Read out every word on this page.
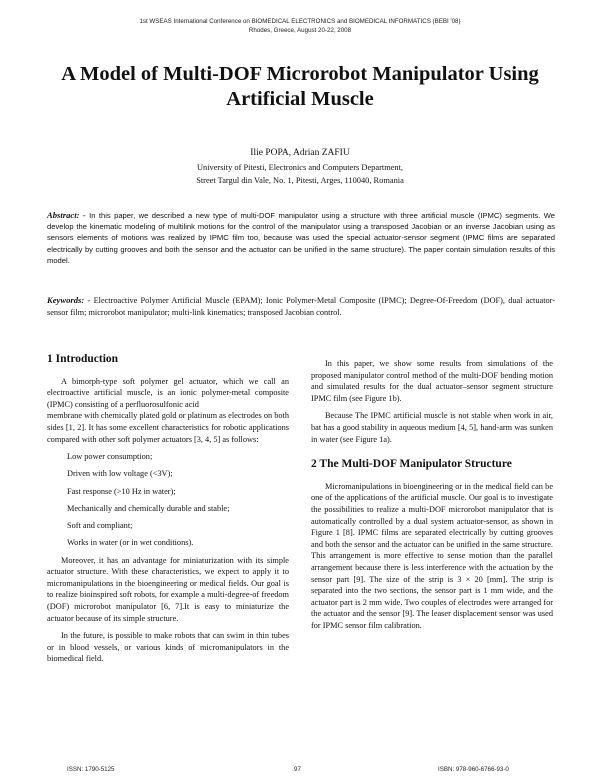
1st WSEAS International Conference on BIOMEDICAL ELECTRONICS and BIOMEDICAL INFORMATICS (BEBI '08)
Rhodes, Greece, August 20-22, 2008
A Model of Multi-DOF Microrobot Manipulator Using Artificial Muscle
Ilie POPA, Adrian ZAFIU
University of Pitesti, Electronics and Computers Department,
Street Targul din Vale, No. 1, Pitesti, Arges, 110040, Romania
Abstract: - In this paper, we described a new type of multi-DOF manipulator using a structure with three artificial muscle (IPMC) segments. We develop the kinematic modeling of multilink motions for the control of the manipulator using a transposed Jacobian or an inverse Jacobian using as sensors elements of motions was realized by IPMC film too, because was used the special actuator-sensor segment (IPMC films are separated electrically by cutting grooves and both the sensor and the actuator can be unified in the same structure). The paper contain simulation results of this model.
Keywords: - Electroactive Polymer Artificial Muscle (EPAM); Ionic Polymer-Metal Composite (IPMC); Degree-Of-Freedom (DOF), dual actuator-sensor film; microrobot manipulator; multi-link kinematics; transposed Jacobian control.
1 Introduction

A bimorph-type soft polymer gel actuator, which we call an electroactive artificial muscle, is an ionic polymer-metal composite (IPMC) consisting of a perfluorosulfonic acid

membrane with chemically plated gold or platinum as electrodes on both sides [1, 2]. It has some excellent characteristics for robotic applications compared with other soft polymer actuators [3, 4, 5] as follows:

Low power consumption;
Driven with low voltage (<3V);
Fast response (>10 Hz in water);
Mechanically and chemically durable and stable;
Soft and compliant;
Works in water (or in wet conditions).

Moreover, it has an advantage for miniaturization with its simple actuator structure. With these characteristics, we expect to apply it to micromanipulations in the bioengineering or medical fields. Our goal is to realize bioinspired soft robots, for example a multi-degree-of freedom (DOF) microrobot manipulator [6, 7].It is easy to miniaturize the actuator because of its simple structure.

In the future, is possible to make robots that can swim in thin tubes or in blood vessels, or various kinds of micromanipulators in the biomedical field.

In this paper, we show some results from simulations of the proposed manipulator control method of the multi-DOF bending motion and simulated results for the dual actuator–sensor segment structure IPMC film (see Figure 1b).

Because The IPMC artificial muscle is not stable when work in air, bat has a good stability in aqueous medium [4, 5], hand-arm was sunken in water (see Figure 1a).

2 The Multi-DOF Manipulator Structure

Micromanipulations in bioengineering or in the medical field can be one of the applications of the artificial muscle. Our goal is to investigate the possibilities to realize a multi-DOF microrobot manipulator that is automatically controlled by a dual system actuator-sensor, as shown in Figure 1 [8]. IPMC films are separated electrically by cutting grooves and both the sensor and the actuator can be unified in the same structure. This arrangement is more effective to sense motion than the parallel arrangement because there is less interference with the actuation by the sensor part [9]. The size of the strip is 3 × 20 [mm]. The strip is separated into the two sections, the sensor part is 1 mm wide, and the actuator part is 2 mm wide. Two couples of electrodes were arranged for the actuator and the sensor [9]. The leaser displacement sensor was used for IPMC sensor film calibration.

ISSN: 1790-5125	97	ISBN: 978-960-6766-93-0
